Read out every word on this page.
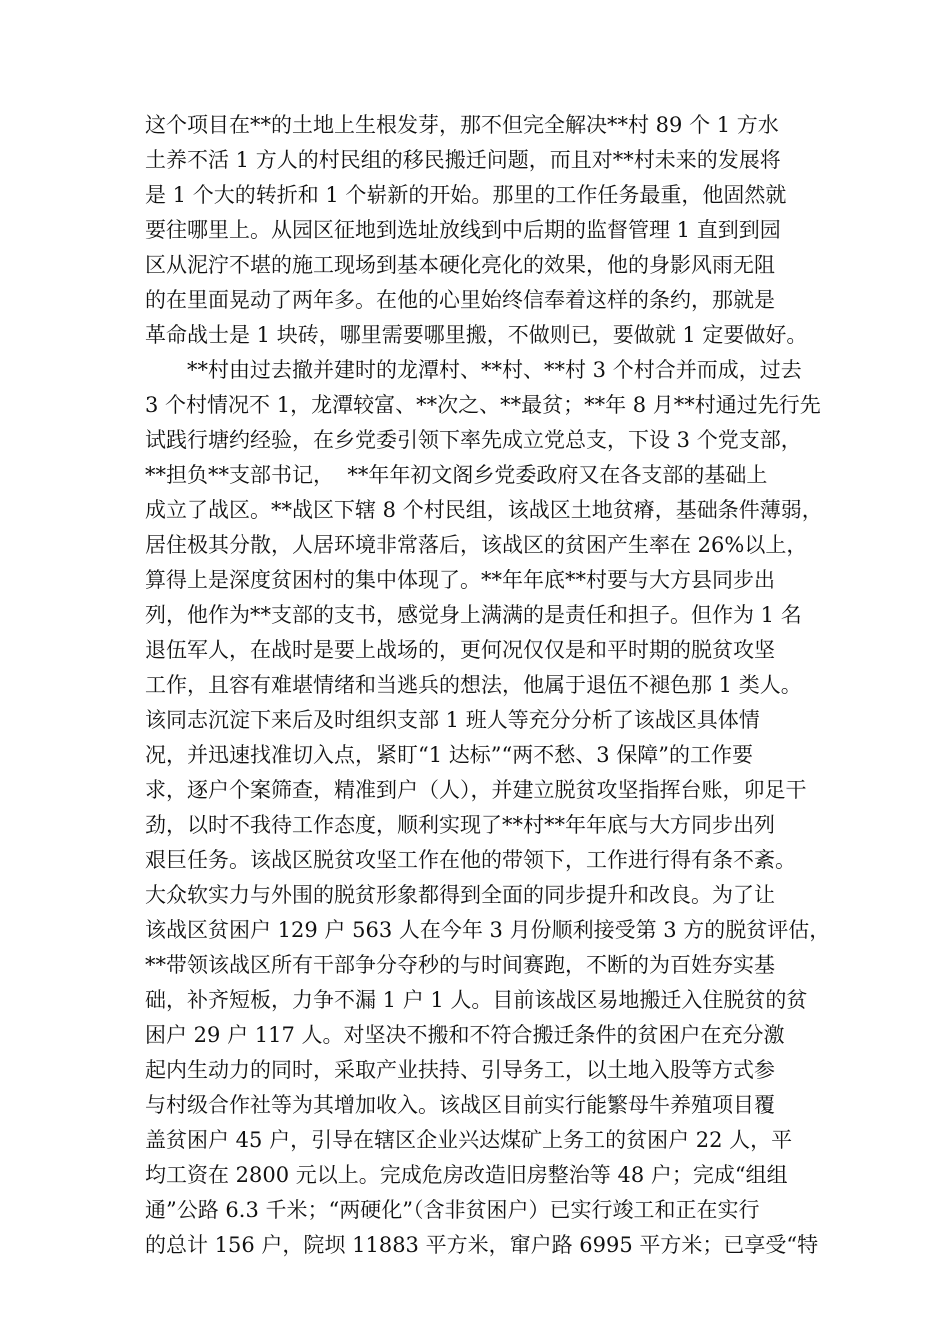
这个项目在**的土地上生根发芽，那不但完全解决**村 89 个 1 方水
土养不活 1 方人的村民组的移民搬迁问题，而且对**村未来的发展将
是 1 个大的转折和 1 个崭新的开始。那里的工作任务最重，他固然就
要往哪里上。从园区征地到选址放线到中后期的监督管理 1 直到到园
区从泥泞不堪的施工现场到基本硬化亮化的效果，他的身影风雨无阻
的在里面晃动了两年多。在他的心里始终信奉着这样的条约，那就是
革命战士是 1 块砖，哪里需要哪里搬，不做则已，要做就 1 定要做好。
**村由过去撤并建时的龙潭村、**村、**村 3 个村合并而成，过去
3 个村情况不 1，龙潭较富、**次之、**最贫；**年 8 月**村通过先行先
试践行塘约经验，在乡党委引领下率先成立党总支，下设 3 个党支部，
**担负**支部书记，  **年年初文阁乡党委政府又在各支部的基础上
成立了战区。**战区下辖 8 个村民组，该战区土地贫瘠，基础条件薄弱，
居住极其分散，人居环境非常落后，该战区的贫困产生率在 26%以上，
算得上是深度贫困村的集中体现了。**年年底**村要与大方县同步出
列，他作为**支部的支书，感觉身上满满的是责任和担子。但作为 1 名
退伍军人，在战时是要上战场的，更何况仅仅是和平时期的脱贫攻坚
工作，且容有难堪情绪和当逃兵的想法，他属于退伍不褪色那 1 类人。
该同志沉淀下来后及时组织支部 1 班人等充分分析了该战区具体情
况，并迅速找准切入点，紧盯“1 达标”“两不愁、3 保障”的工作要
求，逐户个案筛查，精准到户（人），并建立脱贫攻坚指挥台账，卯足干
劲，以时不我待工作态度，顺利实现了**村**年年底与大方同步出列
艰巨任务。该战区脱贫攻坚工作在他的带领下，工作进行得有条不紊。
大众软实力与外围的脱贫形象都得到全面的同步提升和改良。为了让
该战区贫困户 129 户 563 人在今年 3 月份顺利接受第 3 方的脱贫评估，
**带领该战区所有干部争分夺秒的与时间赛跑，不断的为百姓夯实基
础，补齐短板，力争不漏 1 户 1 人。目前该战区易地搬迁入住脱贫的贫
困户 29 户 117 人。对坚决不搬和不符合搬迁条件的贫困户在充分激
起内生动力的同时，采取产业扶持、引导务工，以土地入股等方式参
与村级合作社等为其增加收入。该战区目前实行能繁母牛养殖项目覆
盖贫困户 45 户，引导在辖区企业兴达煤矿上务工的贫困户 22 人，平
均工资在 2800 元以上。完成危房改造旧房整治等 48 户；完成“组组
通”公路 6.3 千米；“两硬化”（含非贫困户）已实行竣工和正在实行
的总计 156 户，院坝 11883 平方米，窜户路 6995 平方米；已享受“特
